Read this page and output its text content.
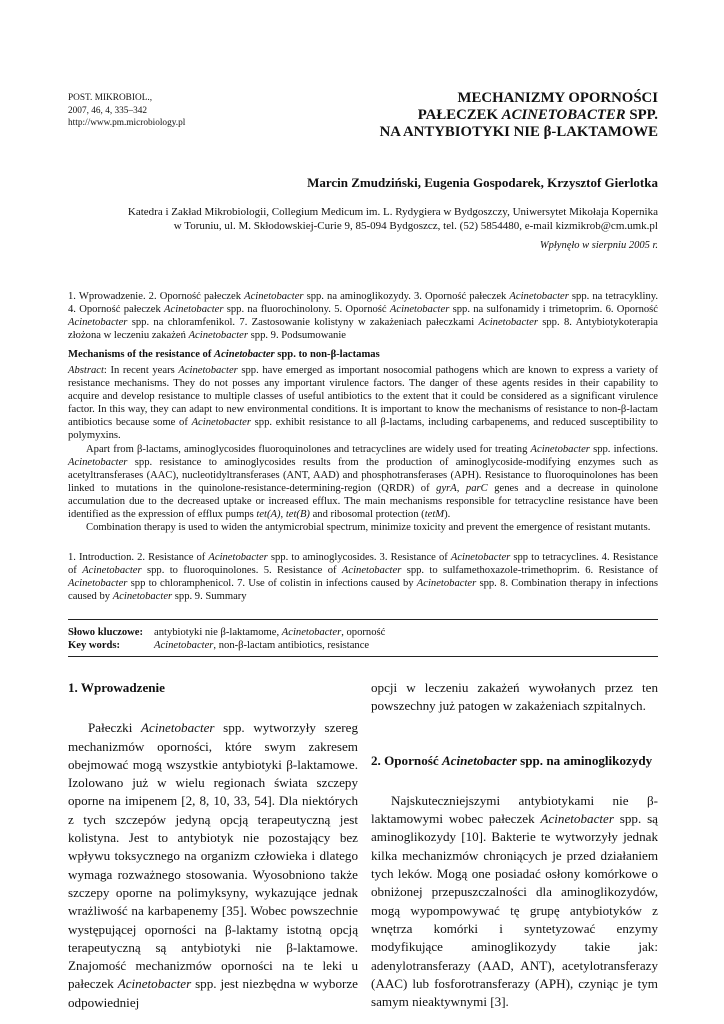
POST. MIKROBIOL.,
2007, 46, 4, 335–342
http://www.pm.microbiology.pl
MECHANIZMY OPORNOŚCI
PAŁECZEK ACINETOBACTER SPP.
NA ANTYBIOTYKI NIE β-LAKTAMOWE
Marcin Zmudziński, Eugenia Gospodarek, Krzysztof Gierlotka
Katedra i Zakład Mikrobiologii, Collegium Medicum im. L. Rydygiera w Bydgoszczy, Uniwersytet Mikołaja Kopernika
w Toruniu, ul. M. Skłodowskiej-Curie 9, 85-094 Bydgoszcz, tel. (52) 5854480, e-mail kizmikrob@cm.umk.pl
Wpłynęło w sierpniu 2005 r.
1. Wprowadzenie. 2. Oporność pałeczek Acinetobacter spp. na aminoglikozydy. 3. Oporność pałeczek Acinetobacter spp. na tetracykliny. 4. Oporność pałeczek Acinetobacter spp. na fluorochinolony. 5. Oporność Acinetobacter spp. na sulfonamidy i trimetoprim. 6. Oporność Acinetobacter spp. na chloramfenikol. 7. Zastosowanie kolistyny w zakażeniach pałeczkami Acinetobacter spp. 8. Antybiotykoterapia złożona w leczeniu zakażeń Acinetobacter spp. 9. Podsumowanie
Mechanisms of the resistance of Acinetobacter spp. to non-β-lactamas

Abstract: In recent years Acinetobacter spp. have emerged as important nosocomial pathogens which are known to express a variety of resistance mechanisms. They do not posses any important virulence factors. The danger of these agents resides in their capability to acquire and develop resistance to multiple classes of useful antibiotics to the extent that it could be considered as a significant virulence factor. In this way, they can adapt to new environmental conditions. It is important to know the mechanisms of resistance to non-β-lactam antibiotics because some of Acinetobacter spp. exhibit resistance to all β-lactams, including carbapenems, and reduced susceptibility to polymyxins.

Apart from β-lactams, aminoglycosides fluoroquinolones and tetracyclines are widely used for treating Acinetobacter spp. infections. Acinetobacter spp. resistance to aminoglycosides results from the production of aminoglycoside-modifying enzymes such as acetyltransferases (AAC), nucleotidyltransferases (ANT, AAD) and phosphotransferases (APH). Resistance to fluoroquinolones has been linked to mutations in the quinolone-resistance-determining-region (QRDR) of gyrA, parC genes and a decrease in quinolone accumulation due to the decreased uptake or increased efflux. The main mechanisms responsible for tetracycline resistance have been identified as the expression of efflux pumps tet(A), tet(B) and ribosomal protection (tetM).

Combination therapy is used to widen the antymicrobial spectrum, minimize toxicity and prevent the emergence of resistant mutants.

1. Introduction. 2. Resistance of Acinetobacter spp. to aminoglycosides. 3. Resistance of Acinetobacter spp to tetracyclines. 4. Resistance of Acinetobacter spp. to fluoroquinolones. 5. Resistance of Acinetobacter spp. to sulfamethoxazole-trimethoprim. 6. Resistance of Acinetobacter spp to chloramphenicol. 7. Use of colistin in infections caused by Acinetobacter spp. 8. Combination therapy in infections caused by Acinetobacter spp. 9. Summary
Słowo kluczowe: antybiotyki nie β-laktamome, Acinetobacter, oporność
Key words:	Acinetobacter, non-β-lactam antibiotics, resistance
1. Wprowadzenie

Pałeczki Acinetobacter spp. wytworzyły szereg mechanizmów oporności, które swym zakresem obejmować mogą wszystkie antybiotyki β-laktamowe. Izolowano już w wielu regionach świata szczepy oporne na imipenem [2, 8, 10, 33, 54]. Dla niektórych z tych szczepów jedyną opcją terapeutyczną jest kolistyna. Jest to antybiotyk nie pozostający bez wpływu toksycznego na organizm człowieka i dlatego wymaga rozważnego stosowania. Wyosobniono także szczepy oporne na polimyksyny, wykazujące jednak wrażliwość na karbapenemy [35]. Wobec powszechnie występującej oporności na β-laktamy istotną opcją terapeutyczną są antybiotyki nie β-laktamowe. Znajomość mechanizmów oporności na te leki u pałeczek Acinetobacter spp. jest niezbędna w wyborze odpowiedniej

opcji w leczeniu zakażeń wywołanych przez ten powszechny już patogen w zakażeniach szpitalnych.

2. Oporność Acinetobacter spp. na aminoglikozydy

Najskuteczniejszymi antybiotykami nie β-laktamowymi wobec pałeczek Acinetobacter spp. są aminoglikozydy [10]. Bakterie te wytworzyły jednak kilka mechanizmów chroniących je przed działaniem tych leków. Mogą one posiadać osłony komórkowe o obniżonej przepuszczalności dla aminoglikozydów, mogą wypompowywać tę grupę antybiotyków z wnętrza komórki i syntetyzować enzymy modyfikujące aminoglikozydy takie jak: adenylotransferazy (AAD, ANT), acetylotransferazy (AAC) lub fosforotransferazy (APH), czyniąc je tym samym nieaktywnymi [3].
